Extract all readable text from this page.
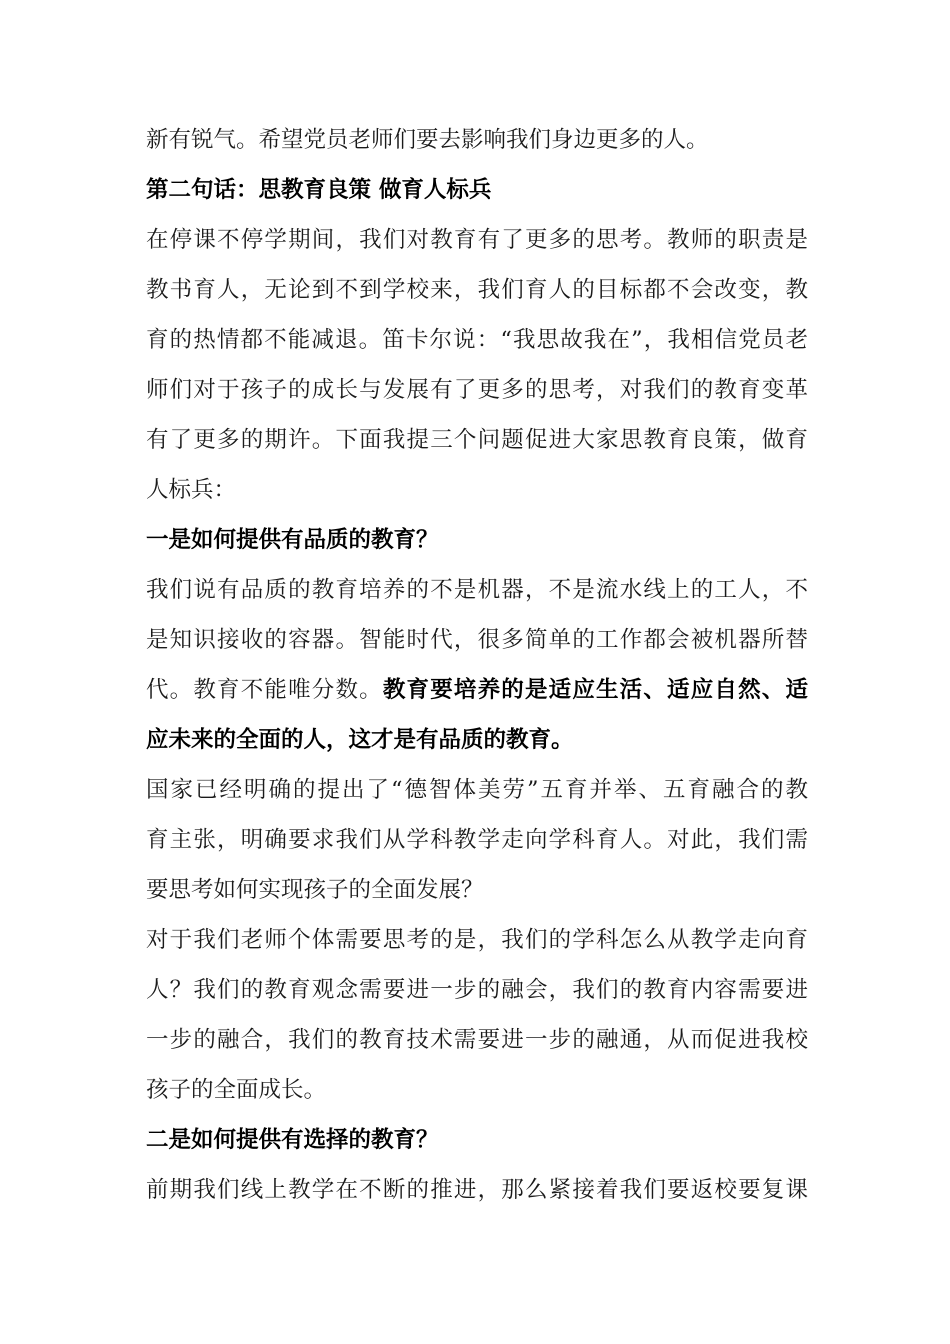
新有锐气。希望党员老师们要去影响我们身边更多的人。
第二句话：思教育良策 做育人标兵
在停课不停学期间，我们对教育有了更多的思考。教师的职责是
教书育人，无论到不到学校来，我们育人的目标都不会改变，教
育的热情都不能减退。笛卡尔说：“我思故我在”，我相信党员老
师们对于孩子的成长与发展有了更多的思考，对我们的教育变革
有了更多的期许。下面我提三个问题促进大家思教育良策，做育
人标兵：
一是如何提供有品质的教育？
我们说有品质的教育培养的不是机器，不是流水线上的工人，不
是知识接收的容器。智能时代，很多简单的工作都会被机器所替
代。教育不能唯分数。教育要培养的是适应生活、适应自然、适
应未来的全面的人，这才是有品质的教育。
国家已经明确的提出了“德智体美劳”五育并举、五育融合的教
育主张，明确要求我们从学科教学走向学科育人。对此，我们需
要思考如何实现孩子的全面发展？
对于我们老师个体需要思考的是，我们的学科怎么从教学走向育
人？我们的教育观念需要进一步的融会，我们的教育内容需要进
一步的融合，我们的教育技术需要进一步的融通，从而促进我校
孩子的全面成长。
二是如何提供有选择的教育？
前期我们线上教学在不断的推进，那么紧接着我们要返校要复课
